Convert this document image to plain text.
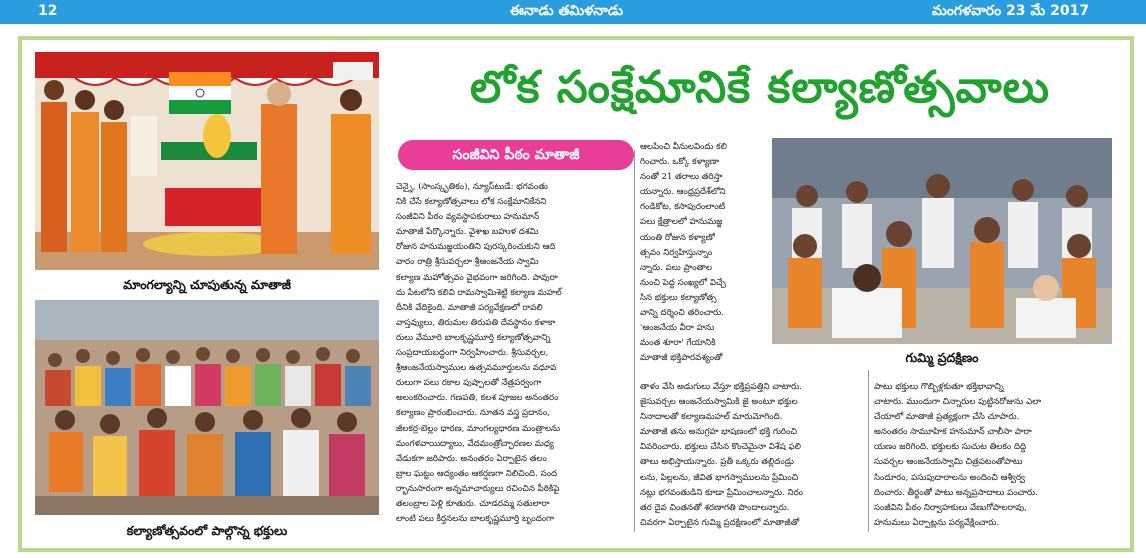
12	ఈనాడు తమిళనాడు	మంగళవారం 23 మే 2017
మాంగల్యాన్ని చూపుతున్న మాతాజీ
కల్యాణోత్సవంలో పాల్గొన్న భక్తులు
లోక సంక్షేమానికే కల్యాణోత్సవాలు
సంజీవిని పీఠం మాతాజీ
గుమ్మి ప్రదక్షిణం

చెన్నై, (సాంస్కృతికం), న్యూస్‌టుడే: భగవంతు

నికి చేసే కల్యాణోత్సవాలు లోక సంక్షేమానికేనని

సంజీవిని పీఠం వ్యవస్థాపకురాలు హనుమాన్

మాతాజీ పేర్కొన్నారు. వైశాఖ బహుళ దశమి

రోజున హనుమజ్జయంతిని పురస్కరించుకుని ఆది

వారం రాత్రి శ్రీసువర్చలా శ్రీఆంజనేయ స్వామి

కల్యాణ మహోత్సవం వైభవంగా జరిగింది. పావురా

దు పేటలోని కలివి రామస్వామిశెట్టి కల్యాణ మహల్

దీనికి వేదికైంది. మాతాజీ పర్యవేక్షణలో రావలి

వాస్తవ్యులు, తిరుమల తిరుపతి దేవస్థానం కళాకా

రులు వేమూరి బాలకృష్ణమూర్తి కల్యాణోత్సవాన్ని

సంప్రదాయబద్ధంగా నిర్వహించారు. శ్రీసువర్చల,

శ్రీఆంజనేయస్వాముల ఉత్సవమూర్తులను వధూవ

రులుగా పలు రకాల పుష్పాలతో నేత్రపర్వంగా

అలంకరించారు. గణపతి, కలశ పూజల అనంతరం

కల్యాణం ప్రారంభించారు. నూతన వస్త్ర ప్రదానం,

జీలకర్ర-బెల్లం ధారణ, మాంగల్యధారణ మంత్రాలను

మంగళవాయిద్యాలు, వేదమంత్రోచ్ఛారణల మధ్య

వేడుకగా జరిపారు. అనంతరం ఏర్పాటైన తలం

బ్రాల ఘట్టం ఆద్యంతం ఆకర్షణగా నిలిచింది. సంద

ర్భానుసారంగా అన్నమాచార్యులు రచించిన పీఠికిపై

తలంబ్రాల పెళ్లి కూతురు. చూడరమ్మ సతులారా

లాంటి పలు కీర్తనలను బాలకృష్ణమూర్తి బృందంగా

ఆలపించి వీనులవిందు కలి

గించారు. ఒక్కో కళ్యాణా

నంతో 21 తరాలు తరిస్తా

యన్నారు. ఆంధ్రప్రదేశ్‌లోని

గండికోట, కసాపురంలాంటి

పలు క్షేత్రాలలో హనుమజ్జ

యంతి రోజున కళ్యాణో

త్సవం నిర్వహిస్తున్నాం

న్నారు. పలు ప్రాంతాల

నుంచి పెద్ద సంఖ్యలో విచ్చే

సిన భక్తులు కల్యాణోత్స

వాన్ని దర్శించి తరించారు.

'ఆంజనేయ వీరా హను

మంత శూరా' గేయానికి

మాతాజీ భక్తిపారవశ్యంతో

తాళం వేసి అడుగులు వేస్తూ భక్తిప్రపత్తిని చాటారు.

జైసువర్చల ఆంజనేయస్వామికి జై అంటూ భక్తుల

నినాదాలతో కల్యాణమహల్ మారుమోగింది.

మాతాజీ తను అనుగ్రహ భాషణంలో భక్తి గురించి

వివరించారు. భక్తులు చేసిన కొంచెమైనా విశేష ఫలి

తాలు అభిస్తాయన్నారు. ప్రతీ ఒక్కరు తల్లిదండ్రు

లను, పిల్లలను, జీవిత భాగస్వాములను ప్రేమించి

నట్లు భగవంతుడిని కూడా ప్రేమించాలన్నారు. నిరం

తర దైవ చింతనతో శరణాగతి పొందాలన్నారు.

చివరగా ఏర్పాటైన గుమ్మి ప్రదక్షిణంలో మాతాజీతో

పాటు భక్తులు గొబ్బిళ్లకుతూ భక్తిభావాన్ని

చాటారు. ముందుగా చిన్నారుల పుట్టినరోజును ఎలా

చేయాలో మాతాజీ ప్రత్యక్షంగా చేసి చూపారు.

అనంతరం సామూహిక హనుమాన్ చాలీసా పారా

యణం జరిగింది. భక్తులకు సుచుట తిలకం దిద్ది

సువర్చల ఆంజనేయస్వామి చిత్రపటంతోపాటు

సిందూరం, పసుపుదారాలను అందించి ఆశ్వీర్వ

దించారు. తీర్థంతో పాటు అన్నప్రసాదాలు పంచారు.

సంజీవిని పీఠం నిర్వాహకులు వేణుగోపాలరావు,

హనుమలు ఏర్పాట్లను పర్యవేక్షించారు.
